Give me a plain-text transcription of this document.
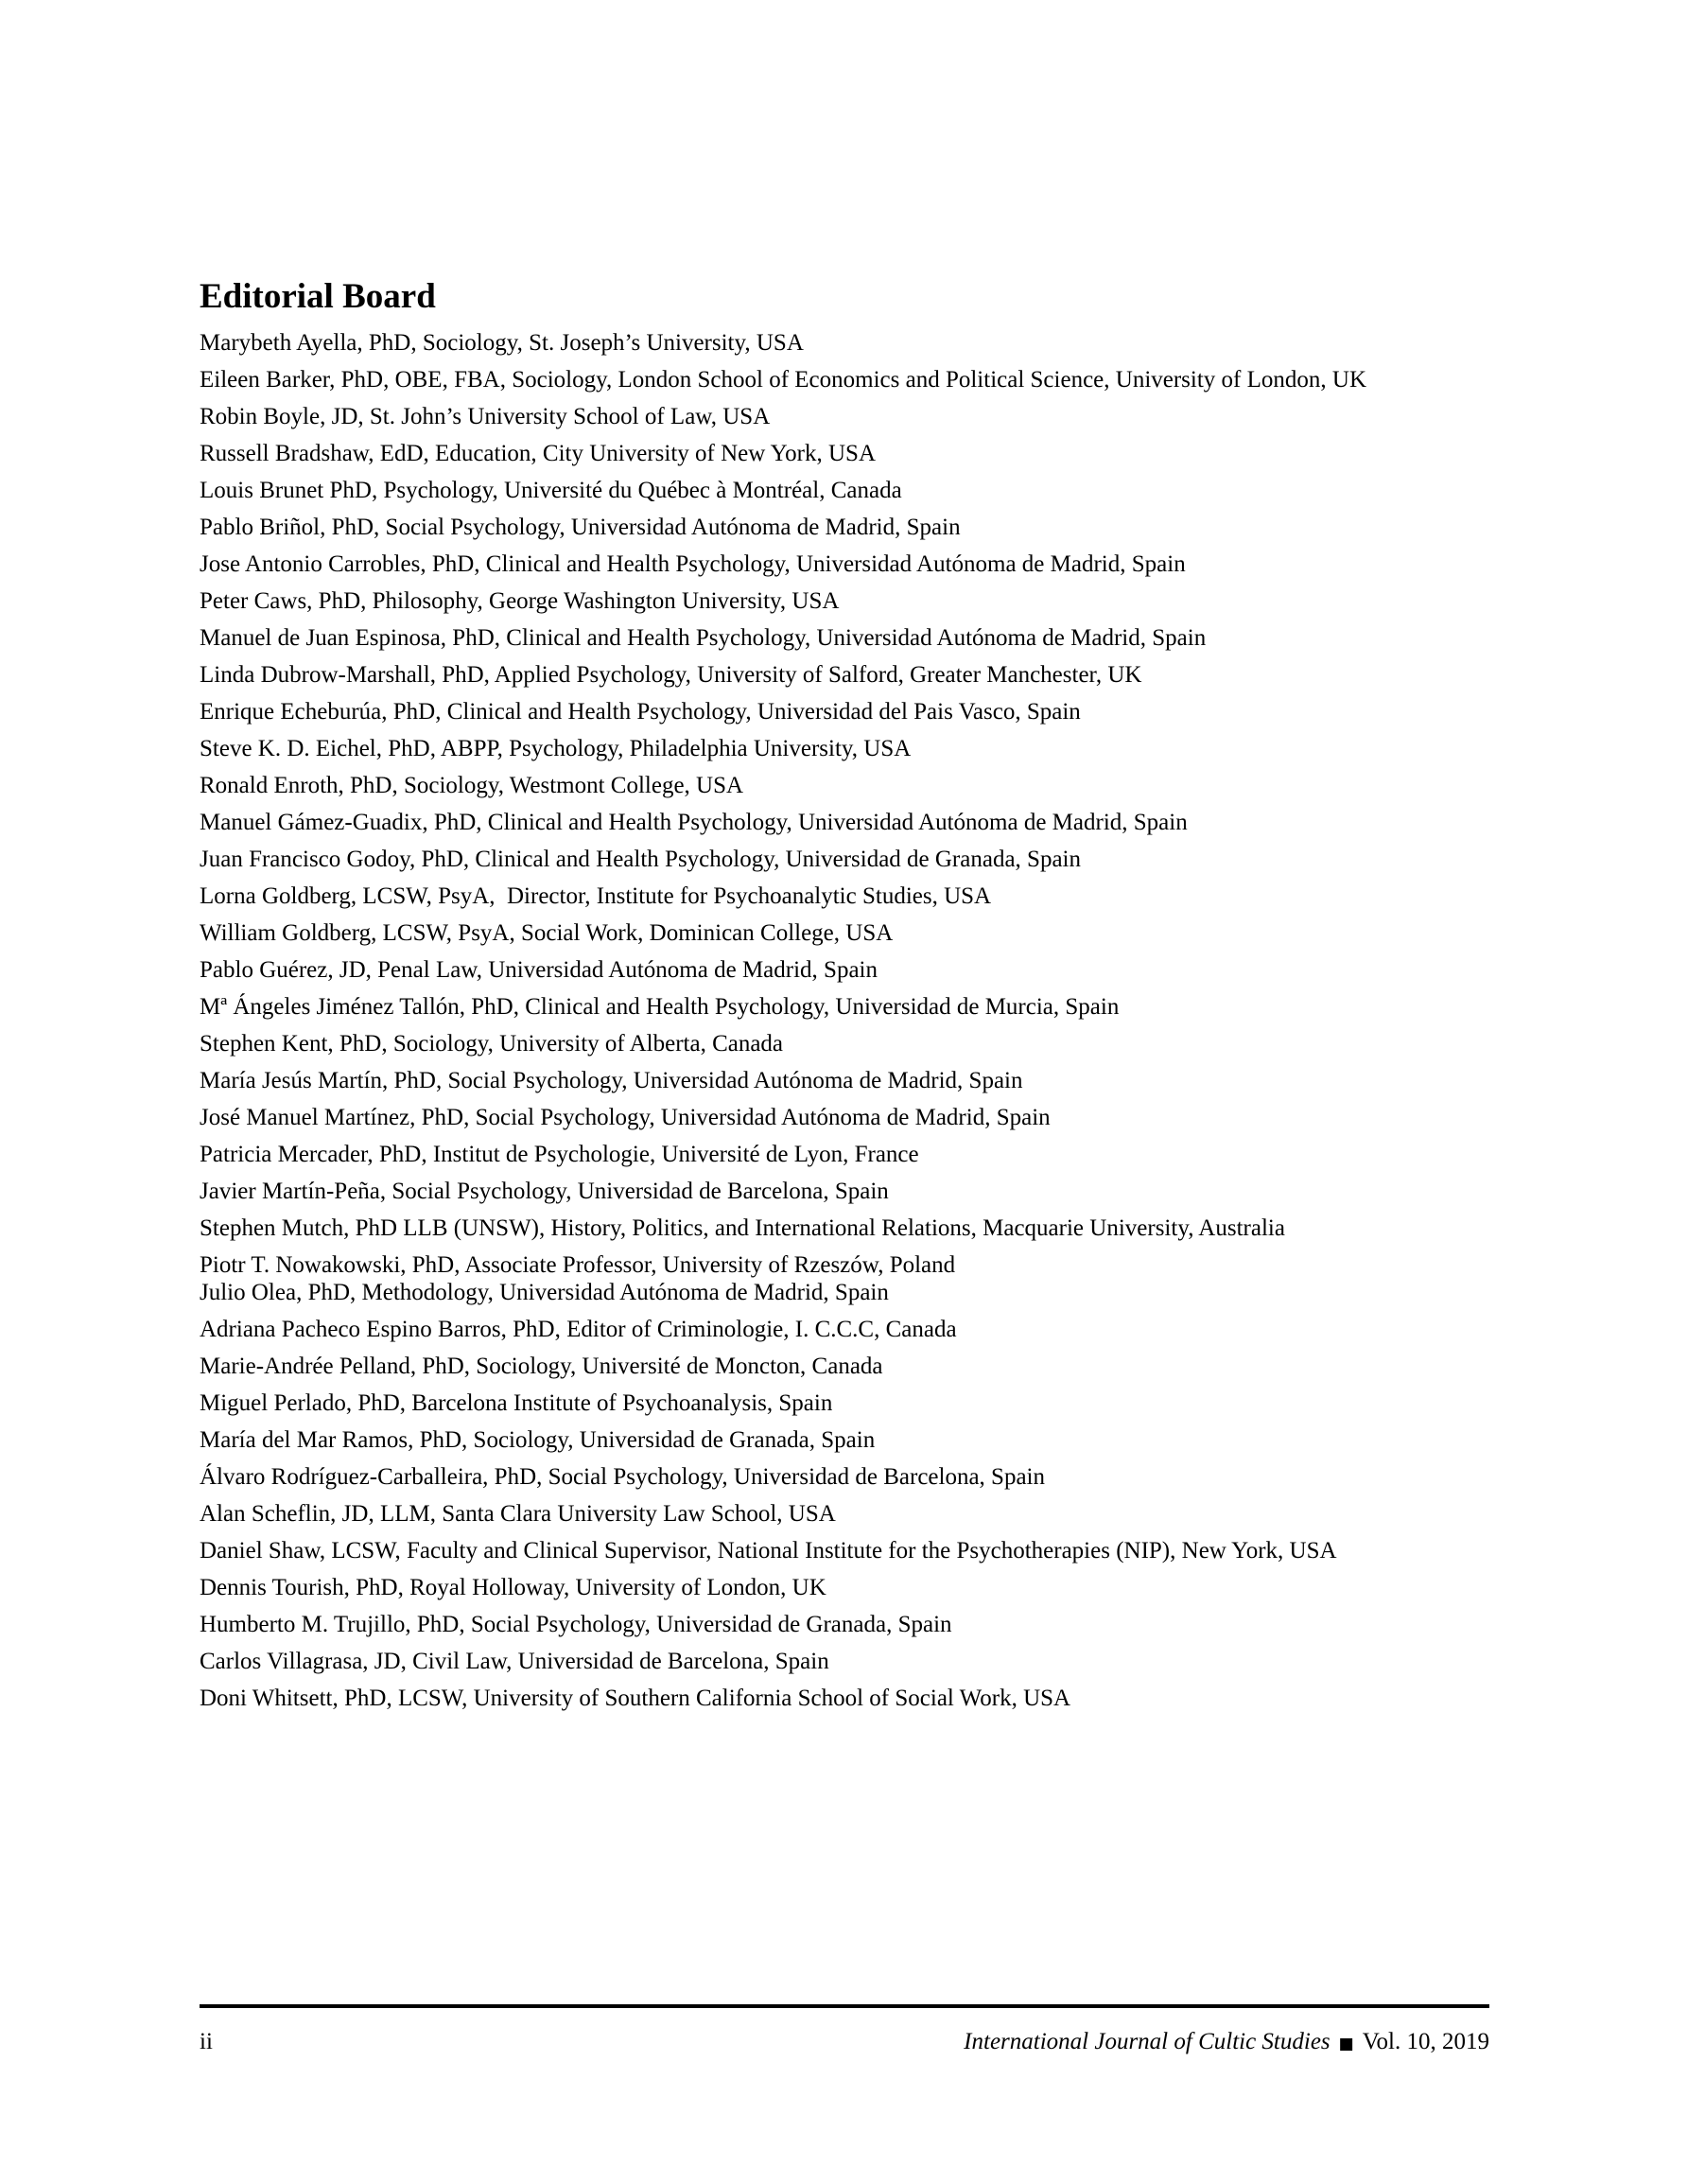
Editorial Board

Marybeth Ayella, PhD, Sociology, St. Joseph’s University, USA

Eileen Barker, PhD, OBE, FBA, Sociology, London School of Economics and Political Science, University of London, UK

Robin Boyle, JD, St. John’s University School of Law, USA

Russell Bradshaw, EdD, Education, City University of New York, USA

Louis Brunet PhD, Psychology, Université du Québec à Montréal, Canada

Pablo Briñol, PhD, Social Psychology, Universidad Autónoma de Madrid, Spain

Jose Antonio Carrobles, PhD, Clinical and Health Psychology, Universidad Autónoma de Madrid, Spain

Peter Caws, PhD, Philosophy, George Washington University, USA

Manuel de Juan Espinosa, PhD, Clinical and Health Psychology, Universidad Autónoma de Madrid, Spain

Linda Dubrow-Marshall, PhD, Applied Psychology, University of Salford, Greater Manchester, UK

Enrique Echeburúa, PhD, Clinical and Health Psychology, Universidad del Pais Vasco, Spain

Steve K. D. Eichel, PhD, ABPP, Psychology, Philadelphia University, USA

Ronald Enroth, PhD, Sociology, Westmont College, USA

Manuel Gámez-Guadix, PhD, Clinical and Health Psychology, Universidad Autónoma de Madrid, Spain

Juan Francisco Godoy, PhD, Clinical and Health Psychology, Universidad de Granada, Spain

Lorna Goldberg, LCSW, PsyA,  Director, Institute for Psychoanalytic Studies, USA

William Goldberg, LCSW, PsyA, Social Work, Dominican College, USA

Pablo Guérez, JD, Penal Law, Universidad Autónoma de Madrid, Spain

Mª Ángeles Jiménez Tallón, PhD, Clinical and Health Psychology, Universidad de Murcia, Spain

Stephen Kent, PhD, Sociology, University of Alberta, Canada

María Jesús Martín, PhD, Social Psychology, Universidad Autónoma de Madrid, Spain

José Manuel Martínez, PhD, Social Psychology, Universidad Autónoma de Madrid, Spain

Patricia Mercader, PhD, Institut de Psychologie, Université de Lyon, France

Javier Martín-Peña, Social Psychology, Universidad de Barcelona, Spain

Stephen Mutch, PhD LLB (UNSW), History, Politics, and International Relations, Macquarie University, Australia

Piotr T. Nowakowski, PhD, Associate Professor, University of Rzeszów, Poland

Julio Olea, PhD, Methodology, Universidad Autónoma de Madrid, Spain

Adriana Pacheco Espino Barros, PhD, Editor of Criminologie, I. C.C.C, Canada

Marie-Andrée Pelland, PhD, Sociology, Université de Moncton, Canada

Miguel Perlado, PhD, Barcelona Institute of Psychoanalysis, Spain

María del Mar Ramos, PhD, Sociology, Universidad de Granada, Spain

Álvaro Rodríguez-Carballeira, PhD, Social Psychology, Universidad de Barcelona, Spain

Alan Scheflin, JD, LLM, Santa Clara University Law School, USA

Daniel Shaw, LCSW, Faculty and Clinical Supervisor, National Institute for the Psychotherapies (NIP), New York, USA

Dennis Tourish, PhD, Royal Holloway, University of London, UK

Humberto M. Trujillo, PhD, Social Psychology, Universidad de Granada, Spain

Carlos Villagrasa, JD, Civil Law, Universidad de Barcelona, Spain

Doni Whitsett, PhD, LCSW, University of Southern California School of Social Work, USA

ii	International Journal of Cultic Studies ■ Vol. 10, 2019
